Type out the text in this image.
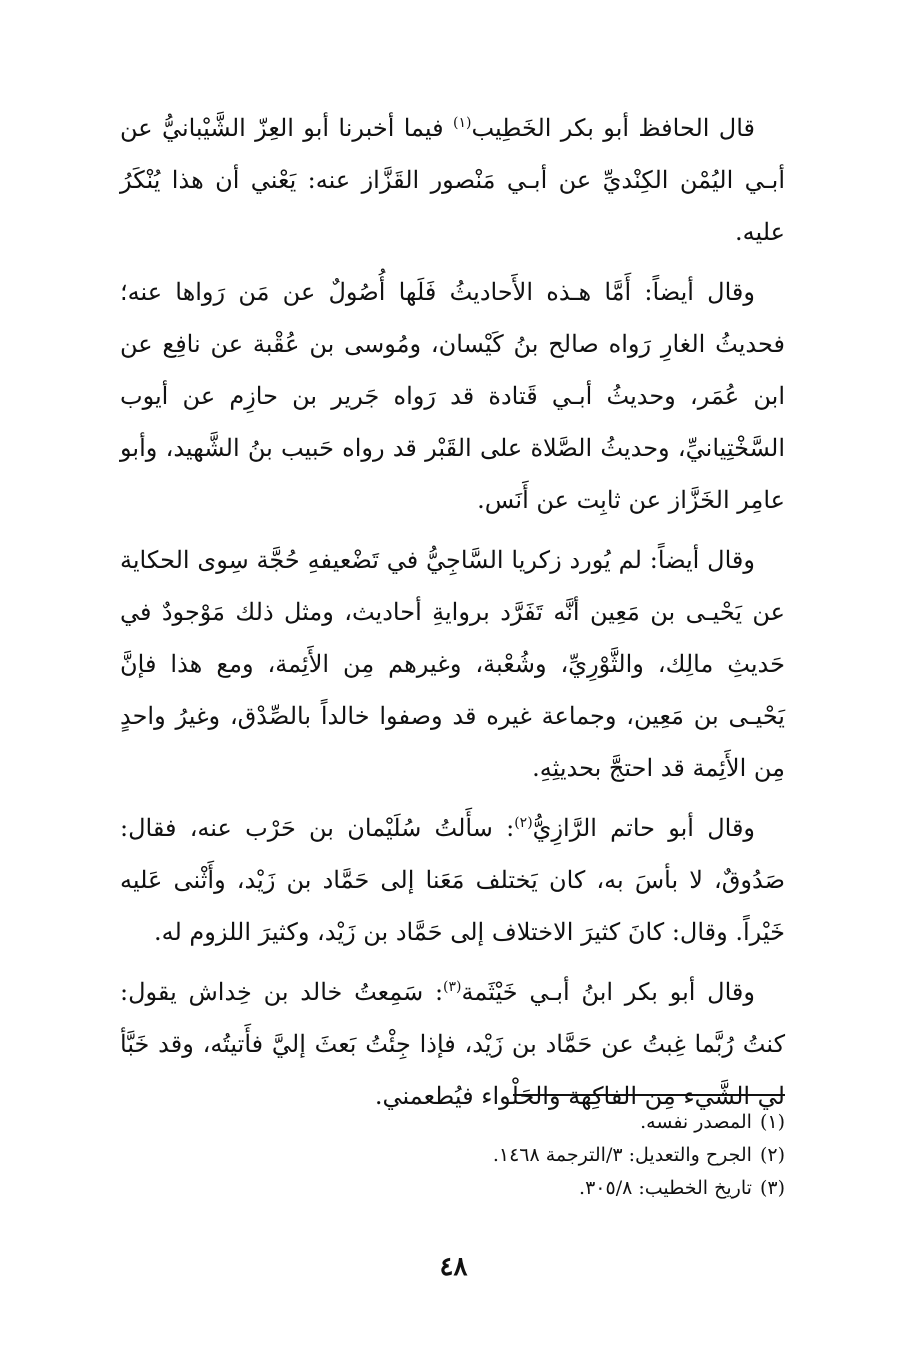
قال الحافظ أبو بكر الخَطِيب$^{(١)}$ فيما أخبرنا أبو العِزّ الشَّيْبانيُّ عن أبـي اليُمْن الكِنْديِّ عن أبـي مَنْصور القَزَّاز عنه: يَعْني أن هذا يُنْكَرُ عليه.

وقال أيضاً: أَمَّا هـذه الأَحاديثُ فَلَها أُصُولٌ عن مَن رَواها عنه؛ فحديثُ الغارِ رَواه صالح بنُ كَيْسان، ومُوسى بن عُقْبة عن نافِع عن ابن عُمَر، وحديثُ أبـي قَتادة قد رَواه جَرير بن حازِم عن أيوب السَّخْتِيانيِّ، وحديثُ الصَّلاة على القَبْر قد رواه حَبيب بنُ الشَّهيد، وأبو عامِر الخَزَّاز عن ثابِت عن أَنَس.

وقال أيضاً: لم يُورد زكريا السَّاجِيُّ في تَضْعيفهِ حُجَّة سِوى الحكاية عن يَحْيـى بن مَعِين أنَّه تَفَرَّد بروايةِ أحاديث، ومثل ذلك مَوْجودٌ في حَديثِ مالِك، والثَّوْرِيِّ، وشُعْبة، وغيرهم مِن الأَئِمة، ومع هذا فإنَّ يَحْيـى بن مَعِين، وجماعة غيره قد وصفوا خالداً بالصِّدْق، وغيرُ واحدٍ مِن الأَئِمة قد احتجَّ بحديثِهِ.

وقال أبو حاتم الرَّازِيُّ$^{(٢)}$: سأَلتُ سُلَيْمان بن حَرْب عنه، فقال: صَدُوقٌ، لا بأسَ به، كان يَختلف مَعَنا إلى حَمَّاد بن زَيْد، وأَثْنى عَليه خَيْراً. وقال: كانَ كثيرَ الاختلاف إلى حَمَّاد بن زَيْد، وكثيرَ اللزوم له.

وقال أبو بكر ابنُ أبـي خَيْثَمة$^{(٣)}$: سَمِعتُ خالد بن خِداش يقول: كنتُ رُبَّما غِبتُ عن حَمَّاد بن زَيْد، فإذا جِئْتُ بَعثَ إليَّ فأَتيتُه، وقد خَبَّأ لي الشَّيء مِن الفاكِهة والحَلْواء فيُطعمني.

(١)المصدر نفسه.
(٢)الجرح والتعديل: ٣/الترجمة ١٤٦٨.
(٣)تاريخ الخطيب: ٣٠٥/٨.
٤٨
